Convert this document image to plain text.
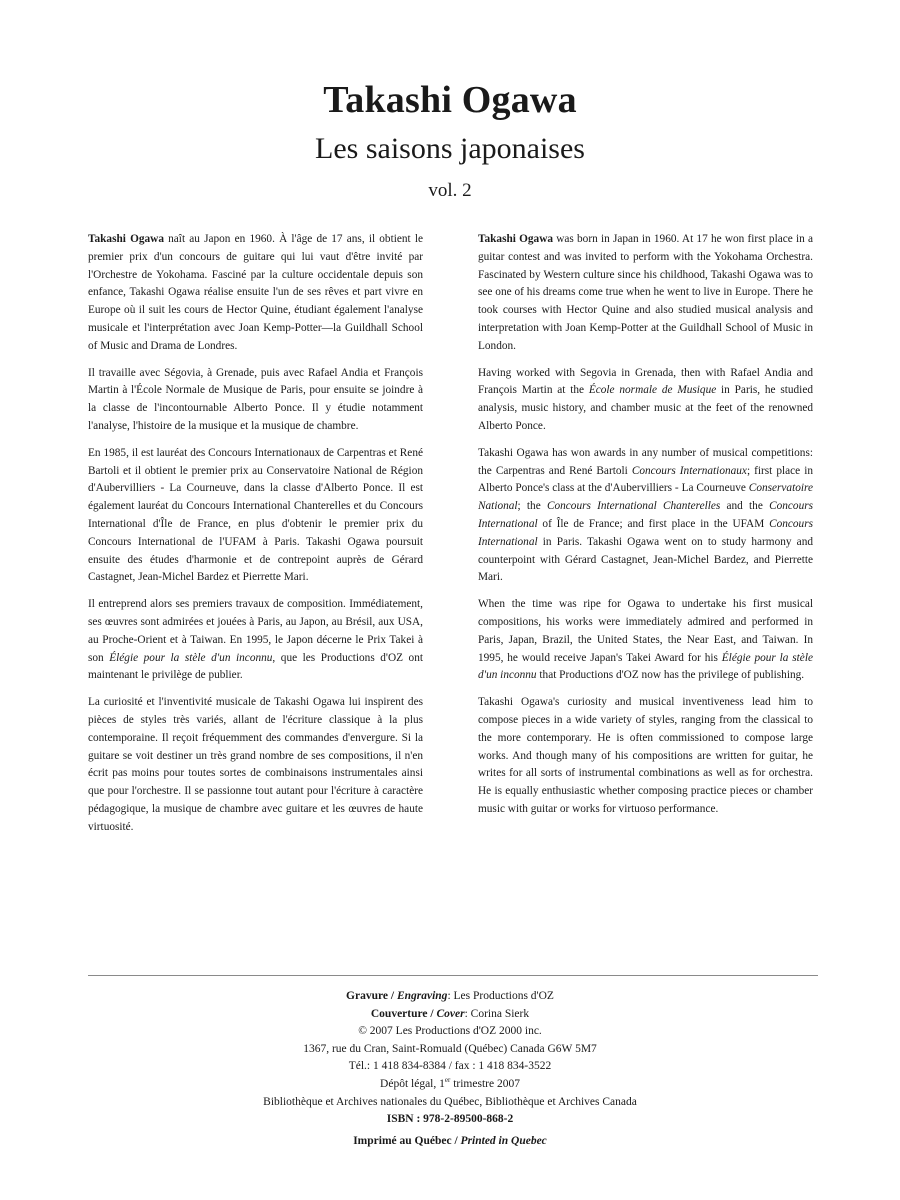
Takashi Ogawa
Les saisons japonaises
vol. 2

Takashi Ogawa naît au Japon en 1960. À l'âge de 17 ans, il obtient le premier prix d'un concours de guitare qui lui vaut d'être invité par l'Orchestre de Yokohama. Fasciné par la culture occidentale depuis son enfance, Takashi Ogawa réalise ensuite l'un de ses rêves et part vivre en Europe où il suit les cours de Hector Quine, étudiant également l'analyse musicale et l'interprétation avec Joan Kemp-Potter—la Guildhall School of Music and Drama de Londres.

Il travaille avec Ségovia, à Grenade, puis avec Rafael Andia et François Martin à l'École Normale de Musique de Paris, pour ensuite se joindre à la classe de l'incontournable Alberto Ponce. Il y étudie notamment l'analyse, l'histoire de la musique et la musique de chambre.

En 1985, il est lauréat des Concours Internationaux de Carpentras et René Bartoli et il obtient le premier prix au Conservatoire National de Région d'Aubervilliers - La Courneuve, dans la classe d'Alberto Ponce. Il est également lauréat du Concours International Chanterelles et du Concours International d'Île de France, en plus d'obtenir le premier prix du Concours International de l'UFAM à Paris. Takashi Ogawa poursuit ensuite des études d'harmonie et de contrepoint auprès de Gérard Castagnet, Jean-Michel Bardez et Pierrette Mari.

Il entreprend alors ses premiers travaux de composition. Immédiatement, ses œuvres sont admirées et jouées à Paris, au Japon, au Brésil, aux USA, au Proche-Orient et à Taiwan. En 1995, le Japon décerne le Prix Takei à son Élégie pour la stèle d'un inconnu, que les Productions d'OZ ont maintenant le privilège de publier.

La curiosité et l'inventivité musicale de Takashi Ogawa lui inspirent des pièces de styles très variés, allant de l'écriture classique à la plus contemporaine. Il reçoit fréquemment des commandes d'envergure. Si la guitare se voit destiner un très grand nombre de ses compositions, il n'en écrit pas moins pour toutes sortes de combinaisons instrumentales ainsi que pour l'orchestre. Il se passionne tout autant pour l'écriture à caractère pédagogique, la musique de chambre avec guitare et les œuvres de haute virtuosité.

Takashi Ogawa was born in Japan in 1960. At 17 he won first place in a guitar contest and was invited to perform with the Yokohama Orchestra. Fascinated by Western culture since his childhood, Takashi Ogawa was to see one of his dreams come true when he went to live in Europe. There he took courses with Hector Quine and also studied musical analysis and interpretation with Joan Kemp-Potter at the Guildhall School of Music in London.

Having worked with Segovia in Grenada, then with Rafael Andia and François Martin at the École normale de Musique in Paris, he studied analysis, music history, and chamber music at the feet of the renowned Alberto Ponce.

Takashi Ogawa has won awards in any number of musical competitions: the Carpentras and René Bartoli Concours Internationaux; first place in Alberto Ponce's class at the d'Aubervilliers - La Courneuve Conservatoire National; the Concours International Chanterelles and the Concours International of Île de France; and first place in the UFAM Concours International in Paris. Takashi Ogawa went on to study harmony and counterpoint with Gérard Castagnet, Jean-Michel Bardez, and Pierrette Mari.

When the time was ripe for Ogawa to undertake his first musical compositions, his works were immediately admired and performed in Paris, Japan, Brazil, the United States, the Near East, and Taiwan. In 1995, he would receive Japan's Takei Award for his Élégie pour la stèle d'un inconnu that Productions d'OZ now has the privilege of publishing.

Takashi Ogawa's curiosity and musical inventiveness lead him to compose pieces in a wide variety of styles, ranging from the classical to the more contemporary. He is often commissioned to compose large works. And though many of his compositions are written for guitar, he writes for all sorts of instrumental combinations as well as for orchestra. He is equally enthusiastic whether composing practice pieces or chamber music with guitar or works for virtuoso performance.

Gravure / Engraving: Les Productions d'OZ
Couverture / Cover: Corina Sierk
© 2007 Les Productions d'OZ 2000 inc.
1367, rue du Cran, Saint-Romuald (Québec) Canada G6W 5M7
Tél.: 1 418 834-8384 / fax : 1 418 834-3522
Dépôt légal, 1er trimestre 2007
Bibliothèque et Archives nationales du Québec, Bibliothèque et Archives Canada
ISBN : 978-2-89500-868-2
Imprimé au Québec / Printed in Quebec
